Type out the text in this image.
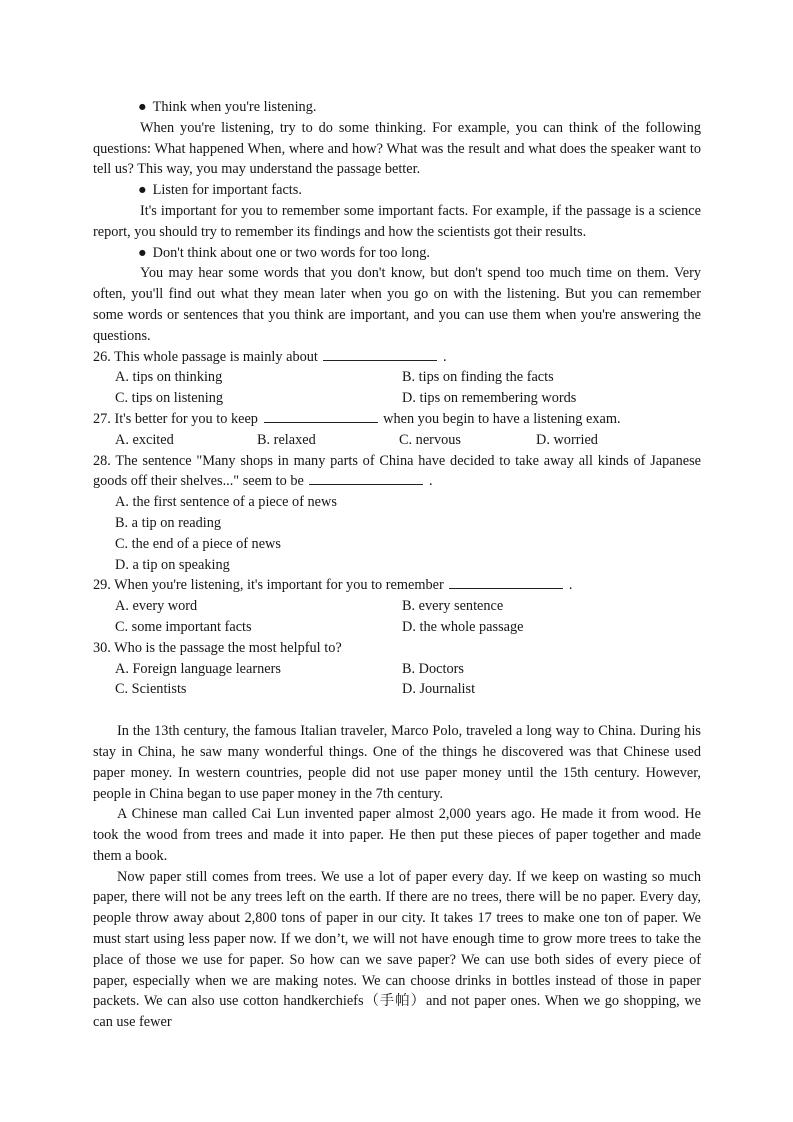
● Think when you're listening.
When you're listening, try to do some thinking. For example, you can think of the following questions: What happened When, where and how? What was the result and what does the speaker want to tell us? This way, you may understand the passage better.
● Listen for important facts.
It's important for you to remember some important facts. For example, if the passage is a science report, you should try to remember its findings and how the scientists got their results.
● Don't think about one or two words for too long.
You may hear some words that you don't know, but don't spend too much time on them. Very often, you'll find out what they mean later when you go on with the listening. But you can remember some words or sentences that you think are important, and you can use them when you're answering the questions.
26. This whole passage is mainly about	.
A. tips on thinking	B. tips on finding the facts
C. tips on listening	D. tips on remembering words
27. It's better for you to keep	when you begin to have a listening exam.
A. excited	B. relaxed	C. nervous	D. worried
28. The sentence "Many shops in many parts of China have decided to take away all kinds of Japanese goods off their shelves..." seem to be	.
A. the first sentence of a piece of news
B. a tip on reading
C. the end of a piece of news
D. a tip on speaking
29. When you're listening, it's important for you to remember	.
A. every word	B. every sentence
C. some important facts	D. the whole passage
30. Who is the passage the most helpful to?
A. Foreign language learners	B. Doctors
C. Scientists	D. Journalist
In the 13th century, the famous Italian traveler, Marco Polo, traveled a long way to China. During his stay in China, he saw many wonderful things. One of the things he discovered was that Chinese used paper money. In western countries, people did not use paper money until the 15th century. However, people in China began to use paper money in the 7th century.
A Chinese man called Cai Lun invented paper almost 2,000 years ago. He made it from wood. He took the wood from trees and made it into paper. He then put these pieces of paper together and made them a book.
Now paper still comes from trees. We use a lot of paper every day. If we keep on wasting so much paper, there will not be any trees left on the earth. If there are no trees, there will be no paper. Every day, people throw away about 2,800 tons of paper in our city. It takes 17 trees to make one ton of paper. We must start using less paper now. If we don’t, we will not have enough time to grow more trees to take the place of those we use for paper. So how can we save paper? We can use both sides of every piece of paper, especially when we are making notes. We can choose drinks in bottles instead of those in paper packets. We can also use cotton handkerchiefs（手帕）and not paper ones. When we go shopping, we can use fewer
